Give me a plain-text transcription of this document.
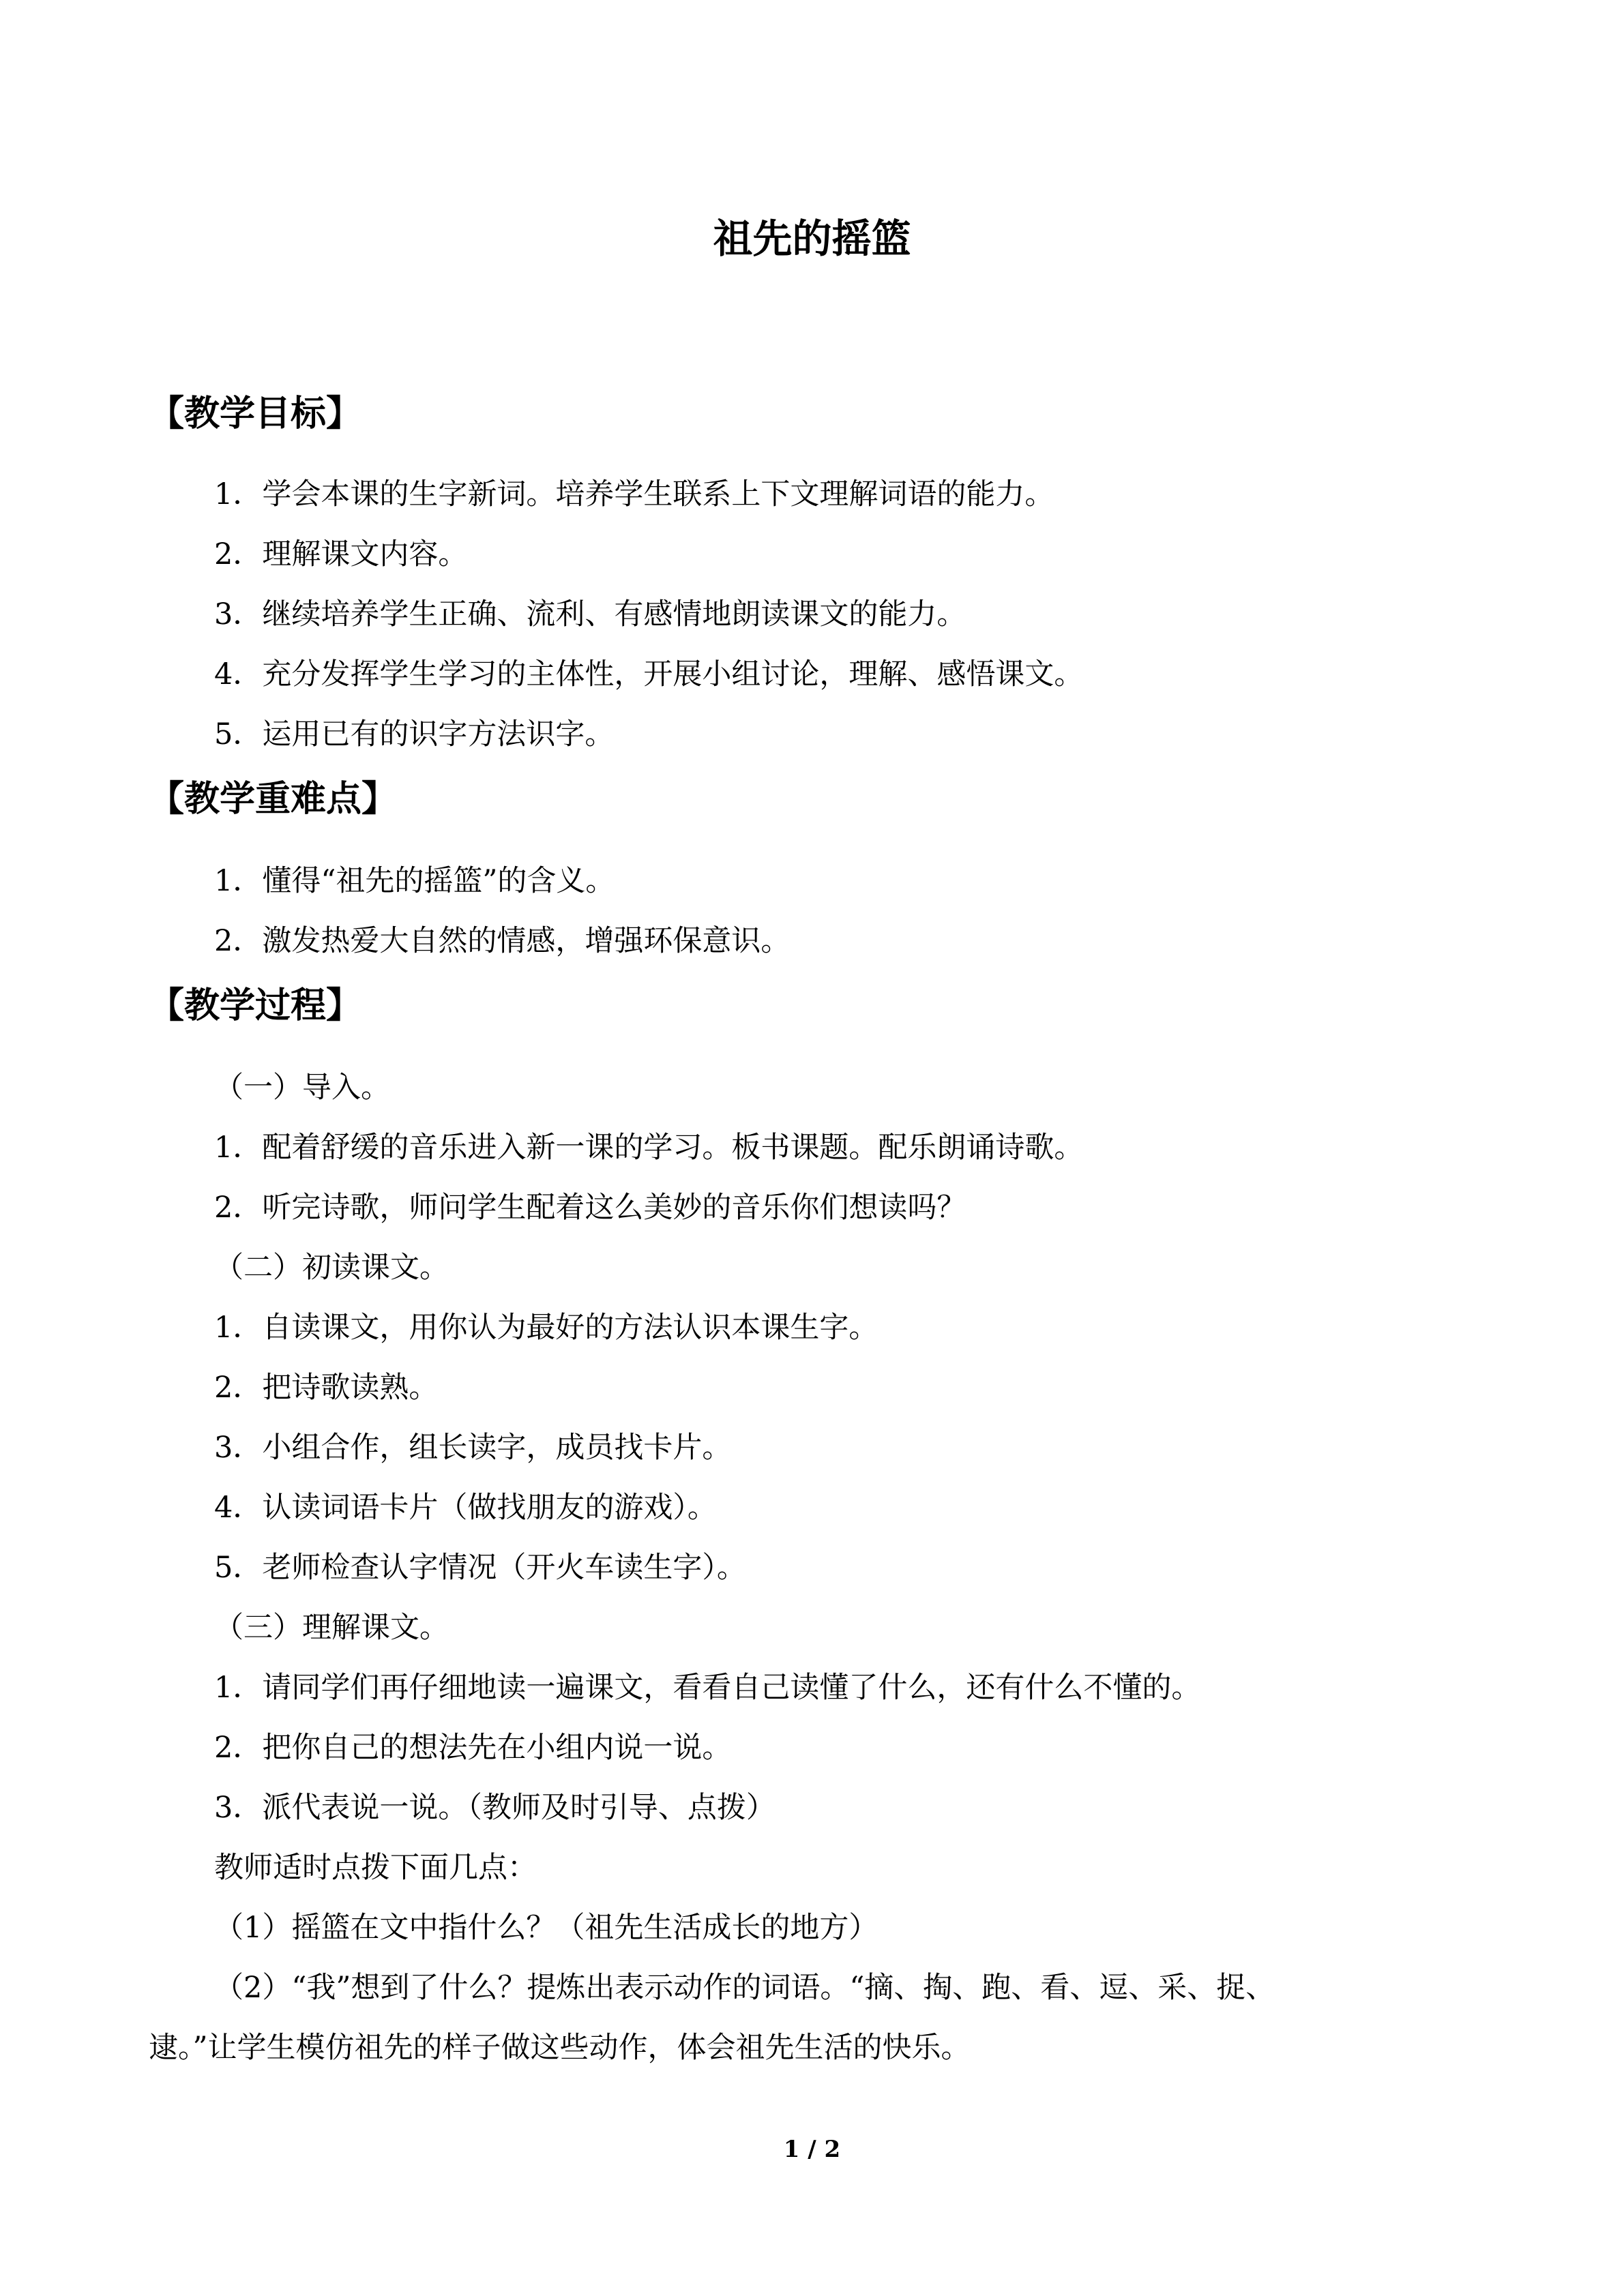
祖先的摇篮
【教学目标】
1．学会本课的生字新词。培养学生联系上下文理解词语的能力。
2．理解课文内容。
3．继续培养学生正确、流利、有感情地朗读课文的能力。
4．充分发挥学生学习的主体性，开展小组讨论，理解、感悟课文。
5．运用已有的识字方法识字。
【教学重难点】
1．懂得“祖先的摇篮”的含义。
2．激发热爱大自然的情感，增强环保意识。
【教学过程】
（一）导入。
1．配着舒缓的音乐进入新一课的学习。板书课题。配乐朗诵诗歌。
2．听完诗歌，师问学生配着这么美妙的音乐你们想读吗？
（二）初读课文。
1．自读课文，用你认为最好的方法认识本课生字。
2．把诗歌读熟。
3．小组合作，组长读字，成员找卡片。
4．认读词语卡片（做找朋友的游戏）。
5．老师检查认字情况（开火车读生字）。
（三）理解课文。
1．请同学们再仔细地读一遍课文，看看自己读懂了什么，还有什么不懂的。
2．把你自己的想法先在小组内说一说。
3．派代表说一说。（教师及时引导、点拨）
教师适时点拨下面几点：
（1）摇篮在文中指什么？（祖先生活成长的地方）
（2）“我”想到了什么？提炼出表示动作的词语。“摘、掏、跑、看、逗、采、捉、
逮。”让学生模仿祖先的样子做这些动作，体会祖先生活的快乐。
1 / 2
